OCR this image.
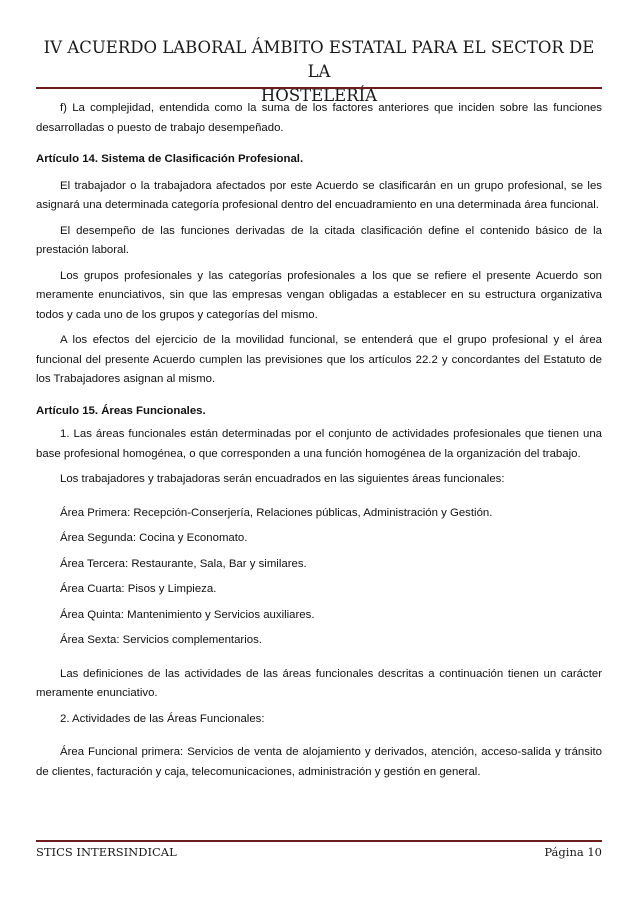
IV ACUERDO LABORAL ÁMBITO ESTATAL PARA EL SECTOR DE LA
HOSTELERÍA

f) La complejidad, entendida como la suma de los factores anteriores que inciden sobre las funciones desarrolladas o puesto de trabajo desempeñado.

Artículo 14. Sistema de Clasificación Profesional.

El trabajador o la trabajadora afectados por este Acuerdo se clasificarán en un grupo profesional, se les asignará una determinada categoría profesional dentro del encuadramiento en una determinada área funcional.

El desempeño de las funciones derivadas de la citada clasificación define el contenido básico de la prestación laboral.

Los grupos profesionales y las categorías profesionales a los que se refiere el presente Acuerdo son meramente enunciativos, sin que las empresas vengan obligadas a establecer en su estructura organizativa todos y cada uno de los grupos y categorías del mismo.

A los efectos del ejercicio de la movilidad funcional, se entenderá que el grupo profesional y el área funcional del presente Acuerdo cumplen las previsiones que los artículos 22.2 y concordantes del Estatuto de los Trabajadores asignan al mismo.

Artículo 15. Áreas Funcionales.

1. Las áreas funcionales están determinadas por el conjunto de actividades profesionales que tienen una base profesional homogénea, o que corresponden a una función homogénea de la organización del trabajo.

Los trabajadores y trabajadoras serán encuadrados en las siguientes áreas funcionales:

Área Primera: Recepción-Conserjería, Relaciones públicas, Administración y Gestión.

Área Segunda: Cocina y Economato.

Área Tercera: Restaurante, Sala, Bar y similares.

Área Cuarta: Pisos y Limpieza.

Área Quinta: Mantenimiento y Servicios auxiliares.

Área Sexta: Servicios complementarios.

Las definiciones de las actividades de las áreas funcionales descritas a continuación tienen un carácter meramente enunciativo.

2. Actividades de las Áreas Funcionales:

Área Funcional primera: Servicios de venta de alojamiento y derivados, atención, acceso-salida y tránsito de clientes, facturación y caja, telecomunicaciones, administración y gestión en general.

STICS INTERSINDICAL	Página 10
